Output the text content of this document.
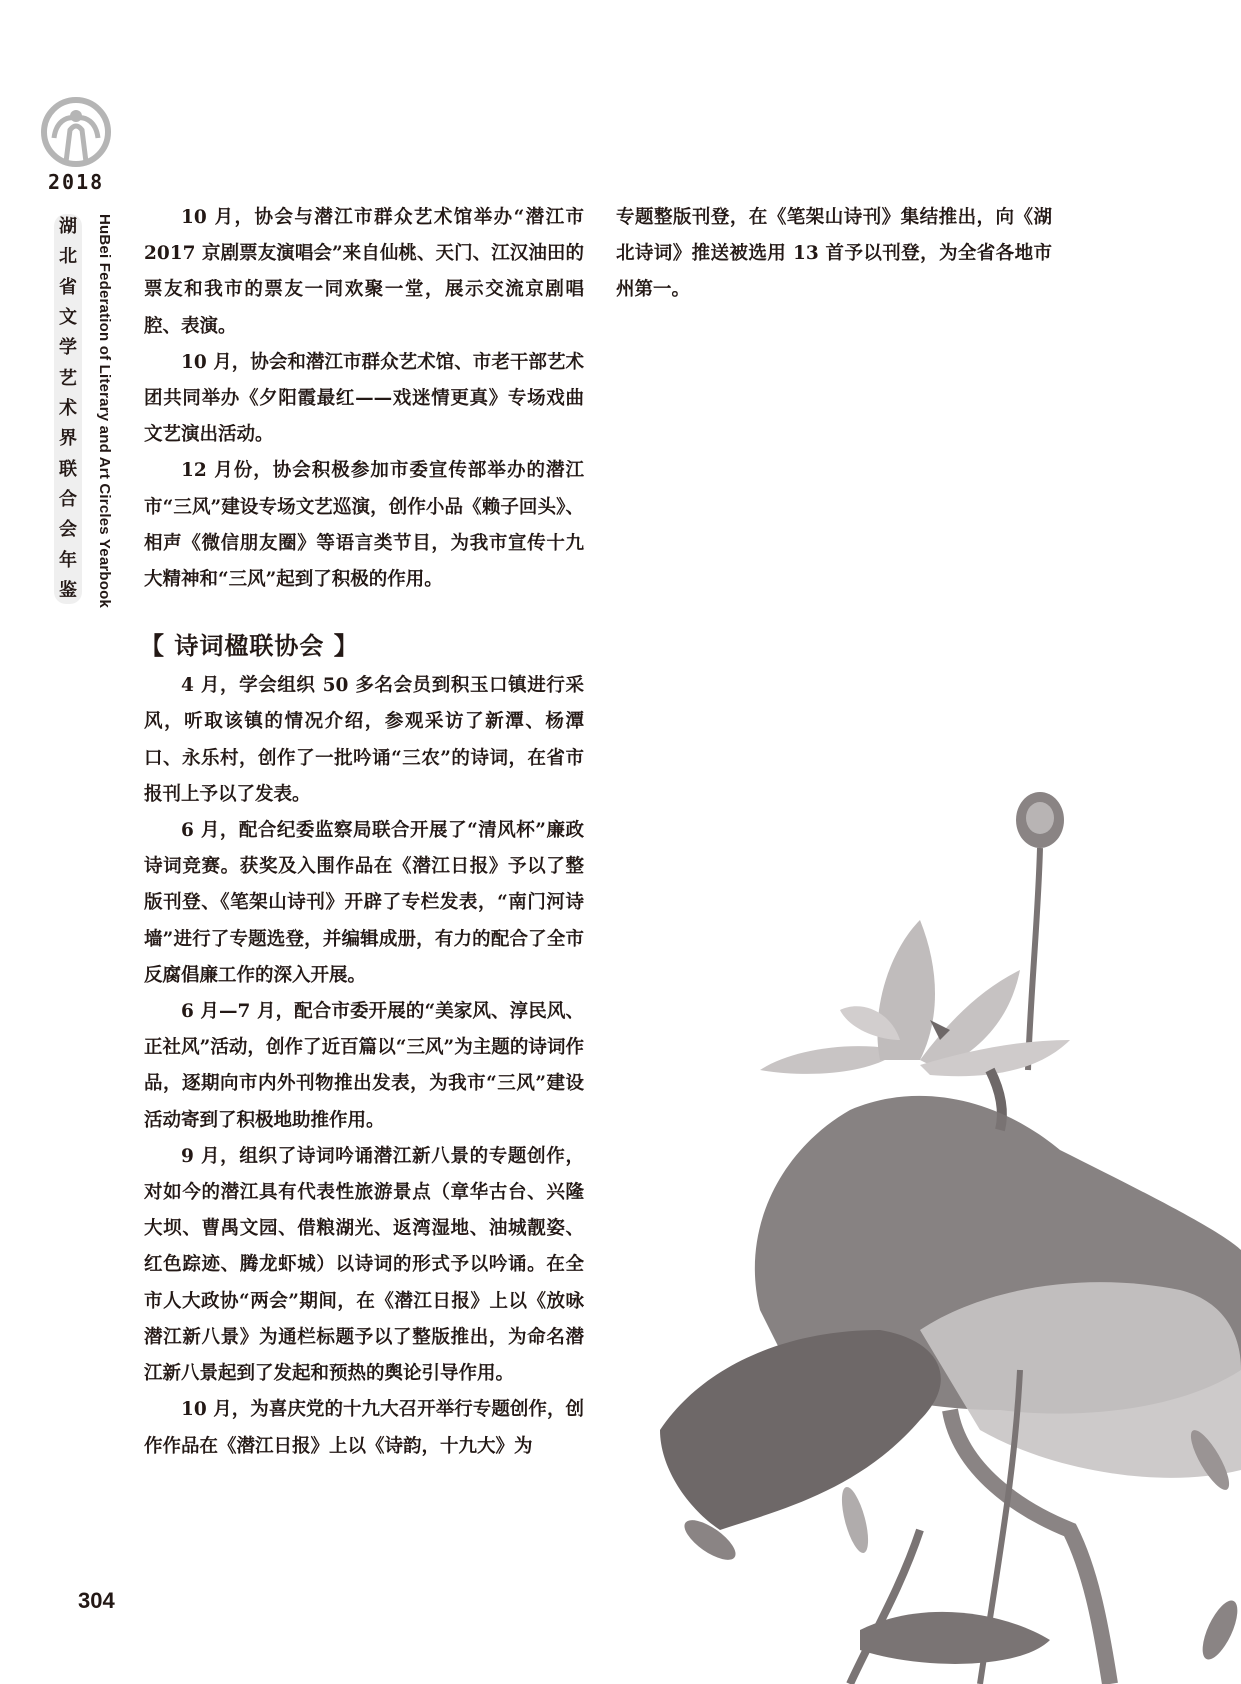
2018
湖
北
省
文
学
艺
术
界
联
合
会
年
鉴 HuBei Federation of Literary and Art Circles Yearbook	10 月，协会与潜江市群众艺术馆举办“潜江市 2017 京剧票友演唱会”来自仙桃、天门、江汉油田的票友和我市的票友一同欢聚一堂，展示交流京剧唱腔、表演。

10 月，协会和潜江市群众艺术馆、市老干部艺术团共同举办《夕阳霞最红——戏迷情更真》专场戏曲文艺演出活动。

12 月份，协会积极参加市委宣传部举办的潜江市“三风”建设专场文艺巡演，创作小品《赖子回头》、相声《微信朋友圈》等语言类节目，为我市宣传十九大精神和“三风”起到了积极的作用。

【 诗词楹联协会 】

4 月，学会组织 50 多名会员到积玉口镇进行采风，听取该镇的情况介绍，参观采访了新潭、杨潭口、永乐村，创作了一批吟诵“三农”的诗词，在省市报刊上予以了发表。

6 月，配合纪委监察局联合开展了“清风杯”廉政诗词竞赛。获奖及入围作品在《潜江日报》予以了整版刊登、《笔架山诗刊》开辟了专栏发表，“南门河诗墙”进行了专题选登，并编辑成册，有力的配合了全市反腐倡廉工作的深入开展。

6 月—7 月，配合市委开展的“美家风、淳民风、正社风”活动，创作了近百篇以“三风”为主题的诗词作品，逐期向市内外刊物推出发表，为我市“三风”建设活动寄到了积极地助推作用。

9 月，组织了诗词吟诵潜江新八景的专题创作，对如今的潜江具有代表性旅游景点（章华古台、兴隆大坝、曹禺文园、借粮湖光、返湾湿地、油城靓姿、红色踪迹、腾龙虾城）以诗词的形式予以吟诵。在全市人大政协“两会”期间，在《潜江日报》上以《放咏潜江新八景》为通栏标题予以了整版推出，为命名潜江新八景起到了发起和预热的舆论引导作用。

10 月，为喜庆党的十九大召开举行专题创作，创作作品在《潜江日报》上以《诗韵，十九大》为

专题整版刊登，在《笔架山诗刊》集结推出，向《湖北诗词》推送被选用 13 首予以刊登，为全省各地市州第一。

304
